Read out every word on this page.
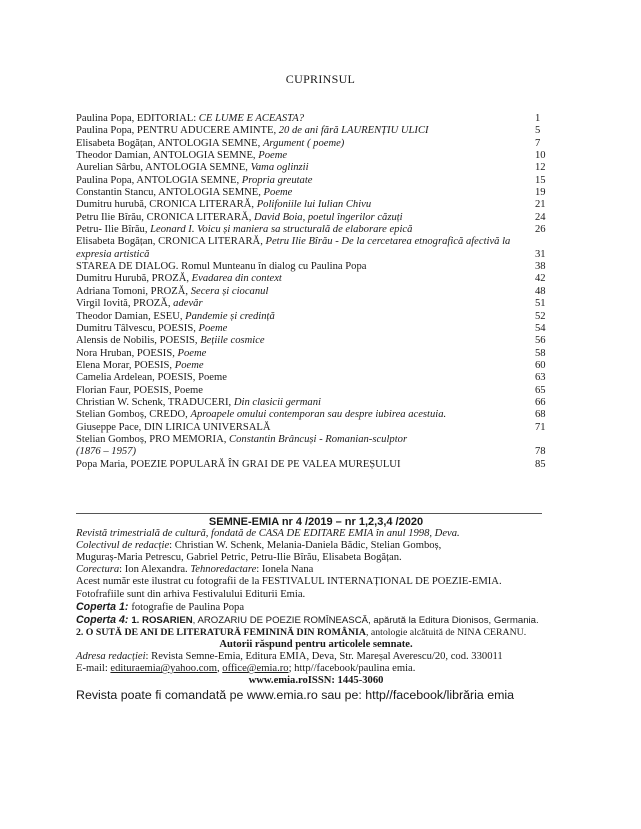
CUPRINSUL
Paulina Popa, EDITORIAL: CE LUME E ACEASTA?	1
Paulina Popa, PENTRU ADUCERE AMINTE, 20 de ani fără LAURENȚIU ULICI	5
Elisabeta Bogățan, ANTOLOGIA SEMNE, Argument ( poeme)	7
Theodor Damian, ANTOLOGIA SEMNE, Poeme	10
Aurelian Sârbu, ANTOLOGIA SEMNE, Vama oglinzii	12
Paulina Popa, ANTOLOGIA SEMNE, Propria greutate	15
Constantin Stancu, ANTOLOGIA SEMNE, Poeme	19
Dumitru hurubă, CRONICA LITERARĂ, Polifoniile lui Iulian Chivu	21
Petru Ilie Bîrău, CRONICA LITERARĂ, David Boia, poetul îngerilor căzuți	24
Petru- Ilie Bîrău, Leonard I. Voicu și maniera sa structurală de elaborare epică	26
Elisabeta Bogățan, CRONICA LITERARĂ, Petru Ilie Bîrău - De la cercetarea etnografică afectivă la expresia artistică	31
STAREA DE DIALOG. Romul Munteanu în dialog cu Paulina Popa	38
Dumitru Hurubă, PROZĂ, Evadarea din context	42
Adriana Tomoni, PROZĂ, Secera și ciocanul	48
Virgil Iovită, PROZĂ, adevăr	51
Theodor Damian, ESEU, Pandemie și credință	52
Dumitru Tâlvescu, POESIS, Poeme	54
Alensis de Nobilis, POESIS, Bețiile cosmice	56
Nora Hruban, POESIS, Poeme	58
Elena Morar, POESIS, Poeme	60
Camelia Ardelean, POESIS, Poeme	63
Florian Faur, POESIS, Poeme	65
Christian W. Schenk, TRADUCERI, Din clasicii germani	66
Stelian Gomboș, CREDO, Aproapele omului contemporan sau despre iubirea acestuia.	68
Giuseppe Pace, DIN LIRICA UNIVERSALĂ	71
Stelian Gomboș, PRO MEMORIA, Constantin Brâncuși - Romanian-sculptor
(1876 – 1957)	78
Popa Maria, POEZIE POPULARĂ ÎN GRAI DE PE VALEA MUREȘULUI	85
SEMNE-EMIA nr 4 /2019 – nr 1,2,3,4 /2020
Revistă trimestrială de cultură, fondată de CASA DE EDITARE EMIA în anul 1998, Deva.
Colectivul de redacție: Christian W. Schenk, Melania-Daniela Bădic, Stelian Gomboș,
Muguraș-Maria Petrescu, Gabriel Petric, Petru-Ilie Bîrău, Elisabeta Bogățan.
Corectura: Ion Alexandra. Tehnoredactare: Ionela Nana
Acest număr este ilustrat cu fotografii de la FESTIVALUL INTERNAȚIONAL DE POEZIE-EMIA.
Fotofrafiile sunt din arhiva Festivalului Editurii Emia.
Coperta 1: fotografie de Paulina Popa
Coperta 4: 1. ROSARIEN, AROZARIU DE POEZIE ROMÎNEASCĂ, apărută la Editura Dionisos, Germania.
2. O SUTĂ DE ANI DE LITERATURĂ FEMININĂ DIN ROMÂNIA, antologie alcătuită de NINA CERANU.
Autorii răspund pentru articolele semnate.
Adresa redacției: Revista Semne-Emia, Editura EMIA, Deva, Str. Mareșal Averescu/20, cod. 330011
E-mail: edituraemia@yahoo.com, office@emia.ro; http//facebook/paulina emia.
www.emia.roISSN: 1445-3060
Revista poate fi comandată pe www.emia.ro sau pe: http//facebook/librăria emia
